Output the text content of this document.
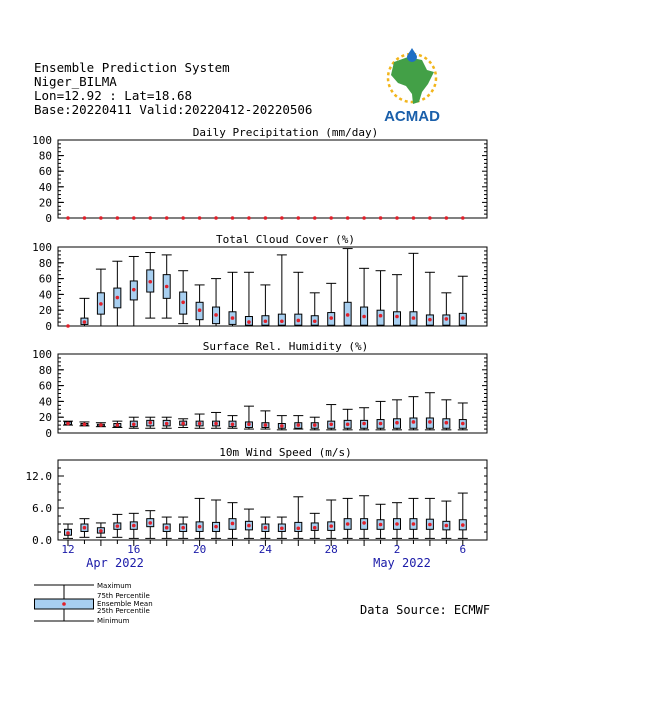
Ensemble Prediction System
Niger_BILMA
Lon=12.92 : Lat=18.68
Base:20220411 Valid:20220412-20220506	ACMAD
0
20
40
60
80
100
Daily Precipitation (mm/day)
0
20
40
60
80
100
Total Cloud Cover (%)
0
20
40
60
80
100
Surface Rel. Humidity (%)
0.0
6.0
12.0
10m Wind Speed (m/s)
12	16	20	24	28	2	6
Apr 2022	May 2022
Maximum
75th Percentile
Ensemble Mean
25th Percentile
Minimum
Data Source: ECMWF
